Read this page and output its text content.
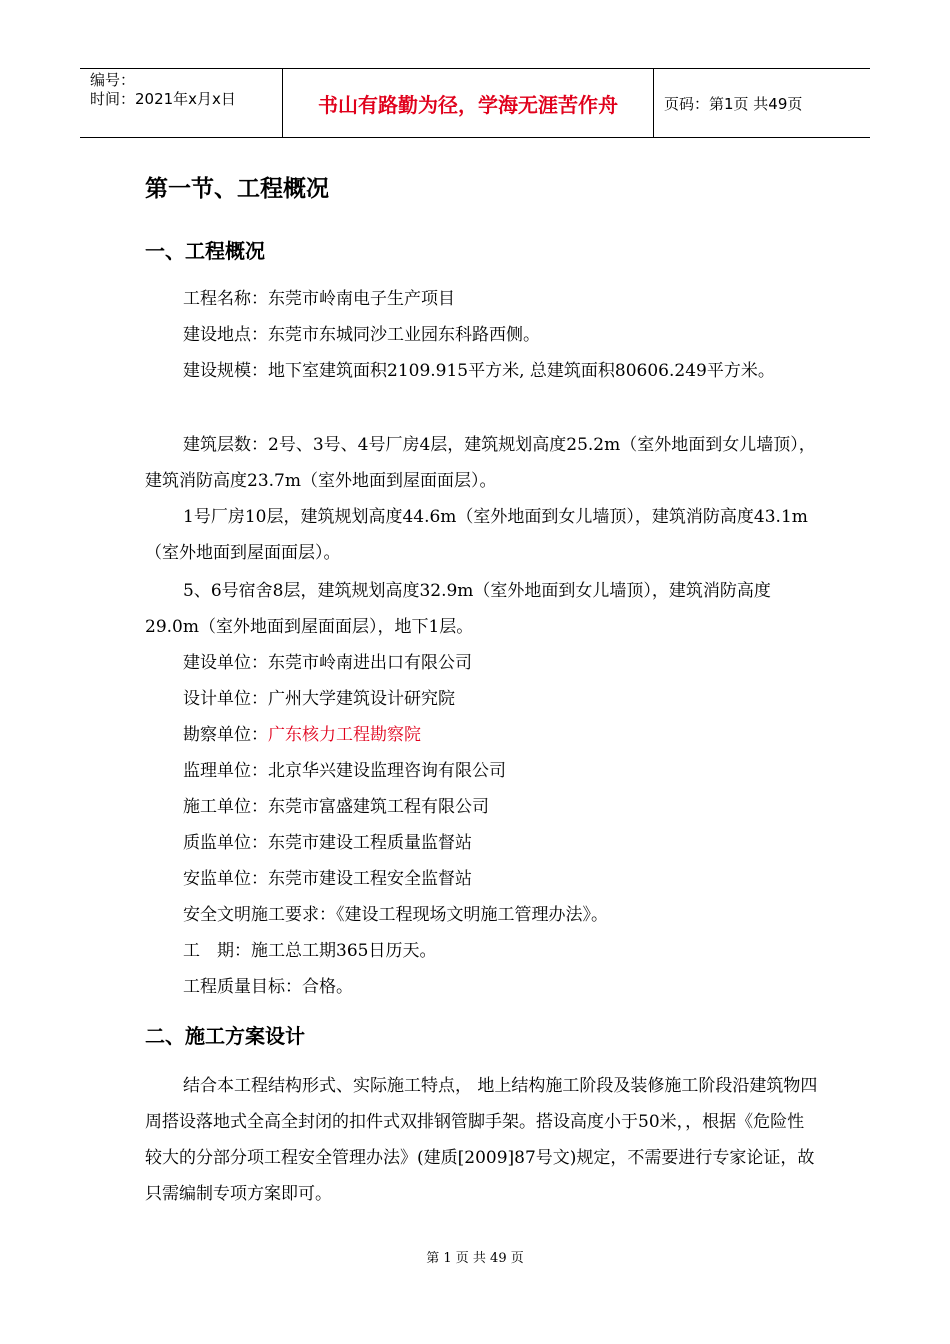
编号：
时间：2021年x月x日	书山有路勤为径，学海无涯苦作舟	页码：第1页 共49页
第一节、工程概况
一、工程概况
工程名称：东莞市岭南电子生产项目
建设地点：东莞市东城同沙工业园东科路西侧。

建设规模：地下室建筑面积2109.915平方米, 总建筑面积80606.249平方米。

建筑层数：2号、3号、4号厂房4层，建筑规划高度25.2m（室外地面到女儿墙顶），建筑消防高度23.7m（室外地面到屋面面层）。

1号厂房10层，建筑规划高度44.6m（室外地面到女儿墙顶），建筑消防高度43.1m（室外地面到屋面面层）。

5、6号宿舍8层，建筑规划高度32.9m（室外地面到女儿墙顶），建筑消防高度29.0m（室外地面到屋面面层），地下1层。

建设单位：东莞市岭南进出口有限公司
设计单位：广州大学建筑设计研究院
勘察单位：广东核力工程勘察院
监理单位：北京华兴建设监理咨询有限公司
施工单位：东莞市富盛建筑工程有限公司
质监单位：东莞市建设工程质量监督站
安监单位：东莞市建设工程安全监督站
安全文明施工要求：《建设工程现场文明施工管理办法》。
工　期：施工总工期365日历天。
工程质量目标：合格。
二、施工方案设计

结合本工程结构形式、实际施工特点， 地上结构施工阶段及装修施工阶段沿建筑物四周搭设落地式全高全封闭的扣件式双排钢管脚手架。搭设高度小于50米，，根据《危险性较大的分部分项工程安全管理办法》(建质[2009]87号文)规定，不需要进行专家论证，故只需编制专项方案即可。

第 1 页 共 49 页
